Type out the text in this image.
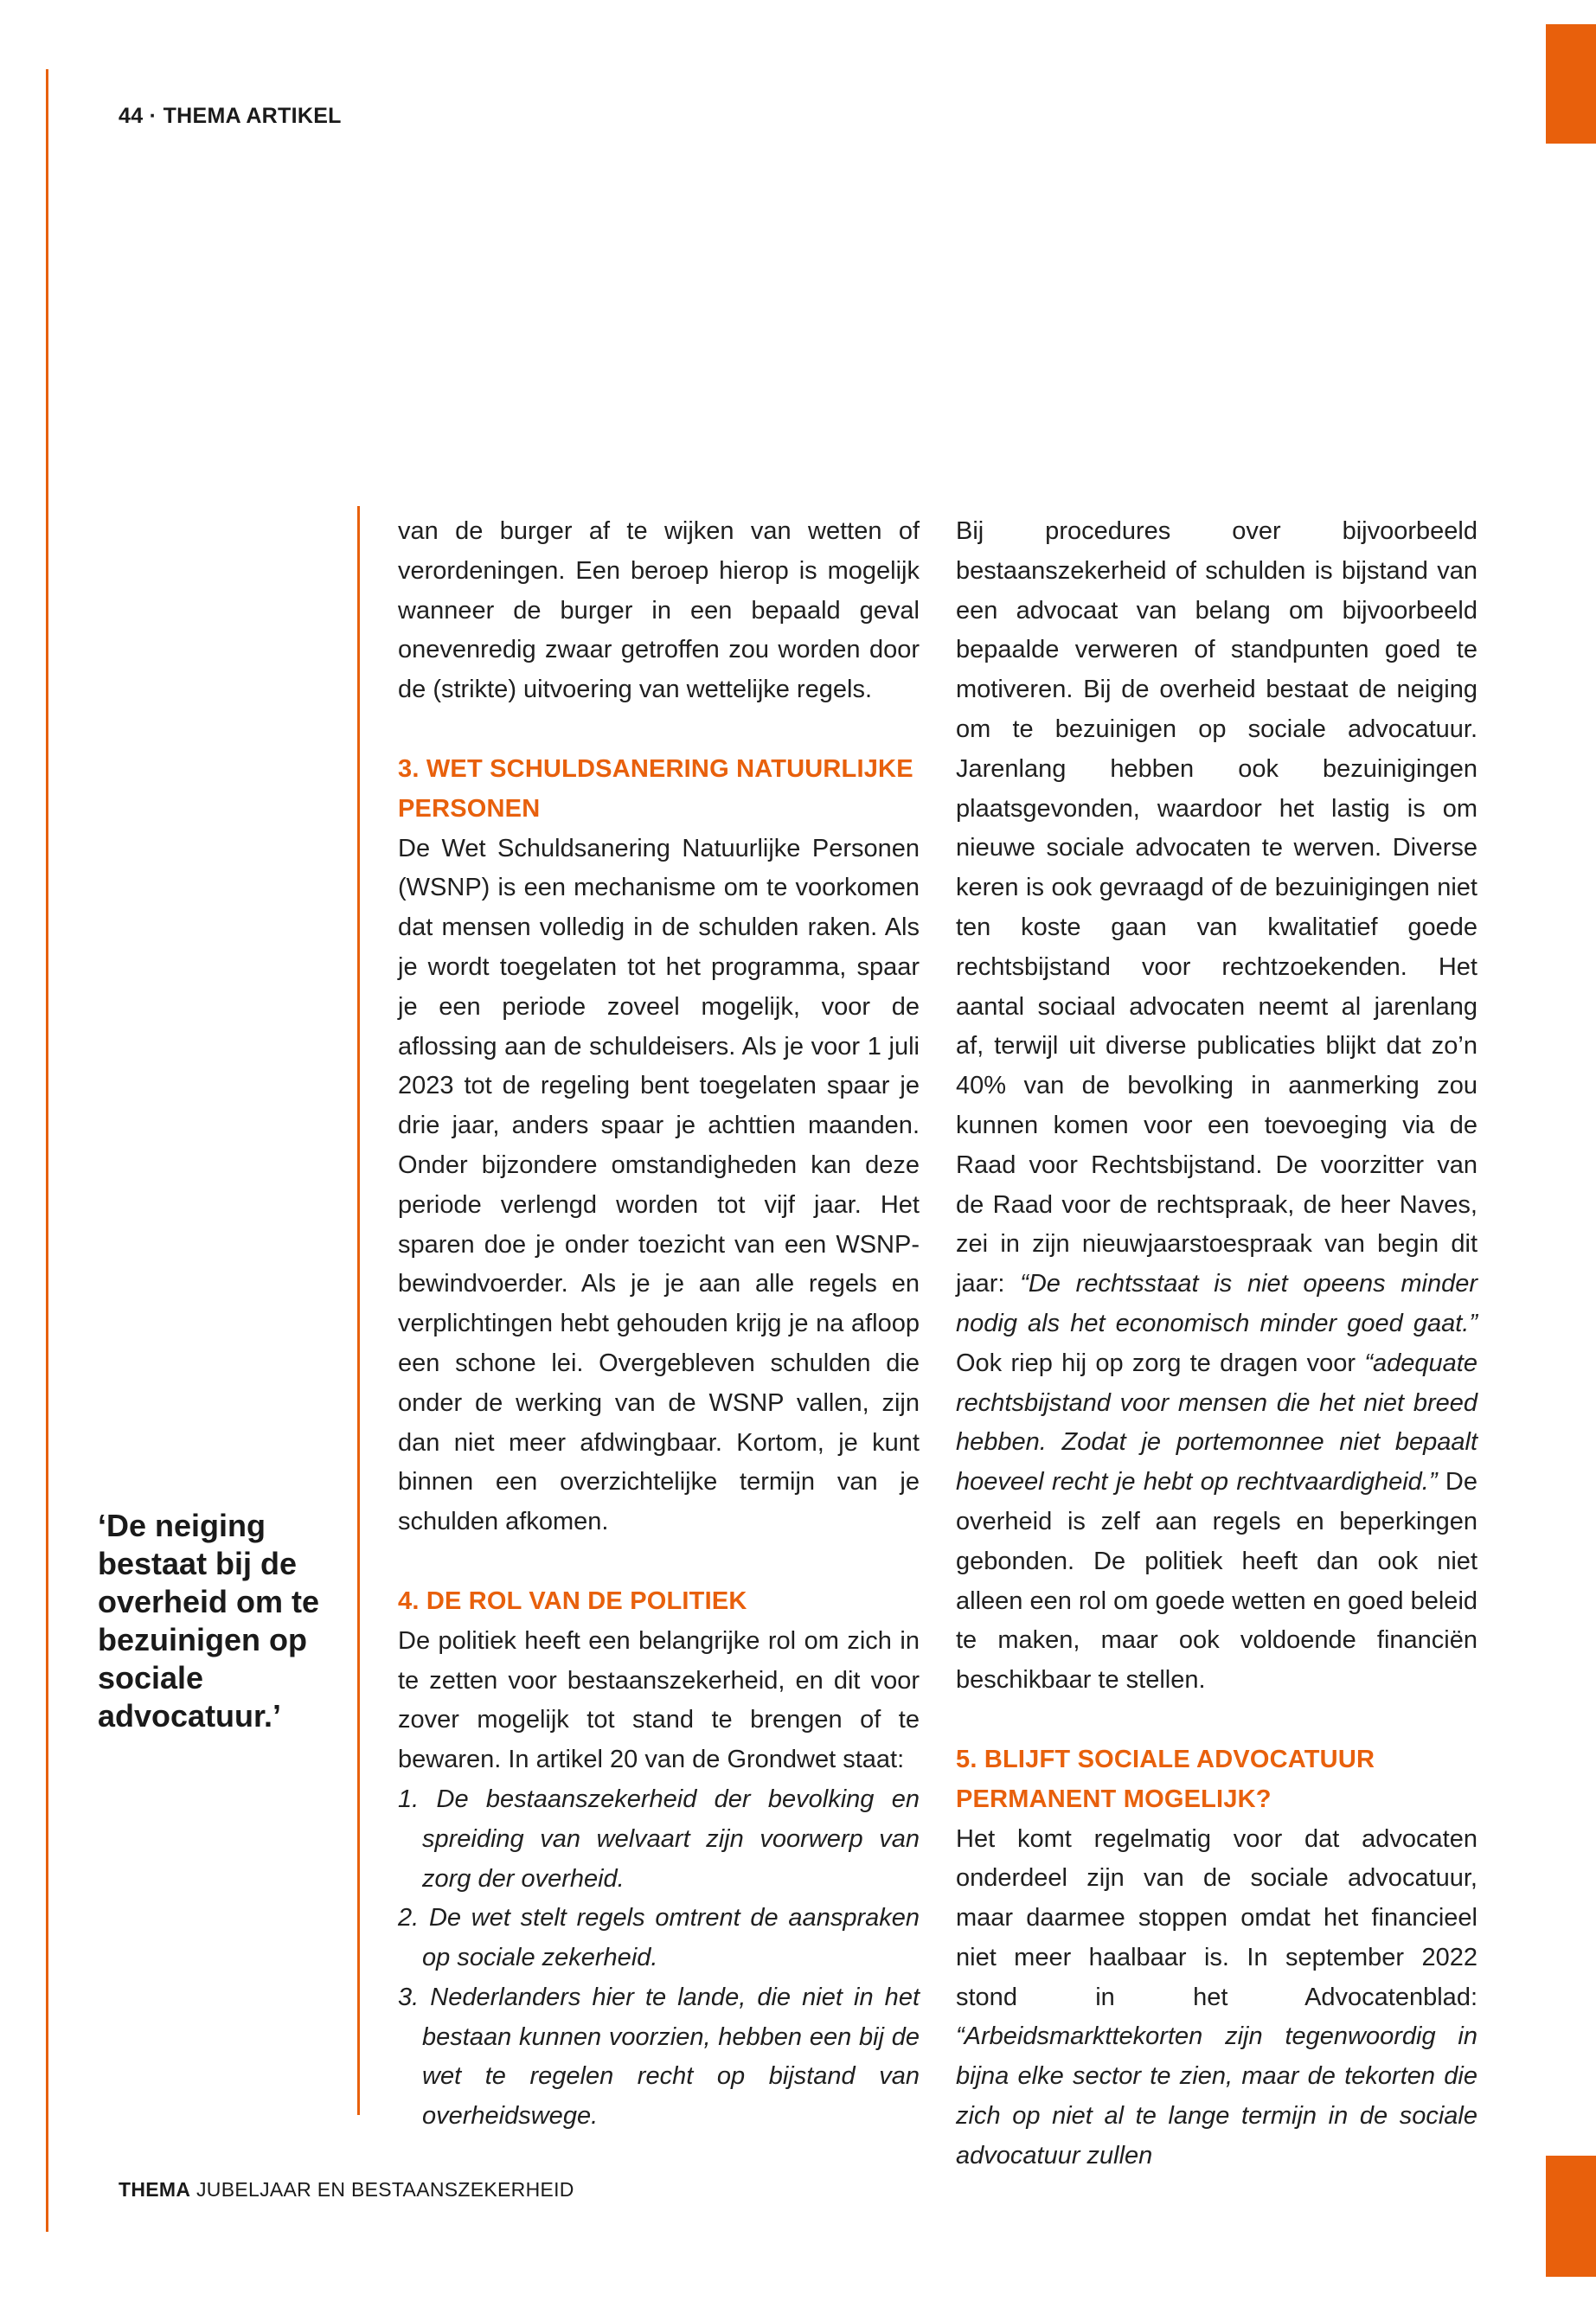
44 · THEMA ARTIKEL
‘De neiging bestaat bij de overheid om te bezuinigen op sociale advocatuur.’

van de burger af te wijken van wetten of verordeningen. Een beroep hierop is mogelijk wanneer de burger in een bepaald geval onevenredig zwaar getroffen zou worden door de (strikte) uitvoering van wettelijke regels.

3. WET SCHULDSANERING NATUURLIJKE PERSONEN

De Wet Schuldsanering Natuurlijke Personen (WSNP) is een mechanisme om te voorkomen dat mensen volledig in de schulden raken. Als je wordt toegelaten tot het programma, spaar je een periode zoveel mogelijk, voor de aflossing aan de schuldeisers. Als je voor 1 juli 2023 tot de regeling bent toegelaten spaar je drie jaar, anders spaar je achttien maanden. Onder bijzondere omstandigheden kan deze periode verlengd worden tot vijf jaar. Het sparen doe je onder toezicht van een WSNP-bewindvoerder. Als je je aan alle regels en verplichtingen hebt gehouden krijg je na afloop een schone lei. Overgebleven schulden die onder de werking van de WSNP vallen, zijn dan niet meer afdwingbaar. Kortom, je kunt binnen een overzichtelijke termijn van je schulden afkomen.

4. DE ROL VAN DE POLITIEK

De politiek heeft een belangrijke rol om zich in te zetten voor bestaanszekerheid, en dit voor zover mogelijk tot stand te brengen of te bewaren. In artikel 20 van de Grondwet staat:

1. De bestaanszekerheid der bevolking en spreiding van welvaart zijn voorwerp van zorg der overheid.
2. De wet stelt regels omtrent de aanspraken op sociale zekerheid.
3. Nederlanders hier te lande, die niet in het bestaan kunnen voorzien, hebben een bij de wet te regelen recht op bijstand van overheidswege.

Bij procedures over bijvoorbeeld bestaanszekerheid of schulden is bijstand van een advocaat van belang om bijvoorbeeld bepaalde verweren of standpunten goed te motiveren. Bij de overheid bestaat de neiging om te bezuinigen op sociale advocatuur. Jarenlang hebben ook bezuinigingen plaatsgevonden, waardoor het lastig is om nieuwe sociale advocaten te werven. Diverse keren is ook gevraagd of de bezuinigingen niet ten koste gaan van kwalitatief goede rechtsbijstand voor rechtzoekenden. Het aantal sociaal advocaten neemt al jarenlang af, terwijl uit diverse publicaties blijkt dat zo’n 40% van de bevolking in aanmerking zou kunnen komen voor een toevoeging via de Raad voor Rechtsbijstand. De voorzitter van de Raad voor de rechtspraak, de heer Naves, zei in zijn nieuwjaarstoespraak van begin dit jaar: “De rechtsstaat is niet opeens minder nodig als het economisch minder goed gaat.” Ook riep hij op zorg te dragen voor “adequate rechtsbijstand voor mensen die het niet breed hebben. Zodat je portemonnee niet bepaalt hoeveel recht je hebt op rechtvaardigheid.” De overheid is zelf aan regels en beperkingen gebonden. De politiek heeft dan ook niet alleen een rol om goede wetten en goed beleid te maken, maar ook voldoende financiën beschikbaar te stellen.

5. BLIJFT SOCIALE ADVOCATUUR PERMANENT MOGELIJK?

Het komt regelmatig voor dat advocaten onderdeel zijn van de sociale advocatuur, maar daarmee stoppen omdat het financieel niet meer haalbaar is. In september 2022 stond in het Advocatenblad: “Arbeidsmarkttekorten zijn tegenwoordig in bijna elke sector te zien, maar de tekorten die zich op niet al te lange termijn in de sociale advocatuur zullen

THEMA JUBELJAAR EN BESTAANSZEKERHEID
